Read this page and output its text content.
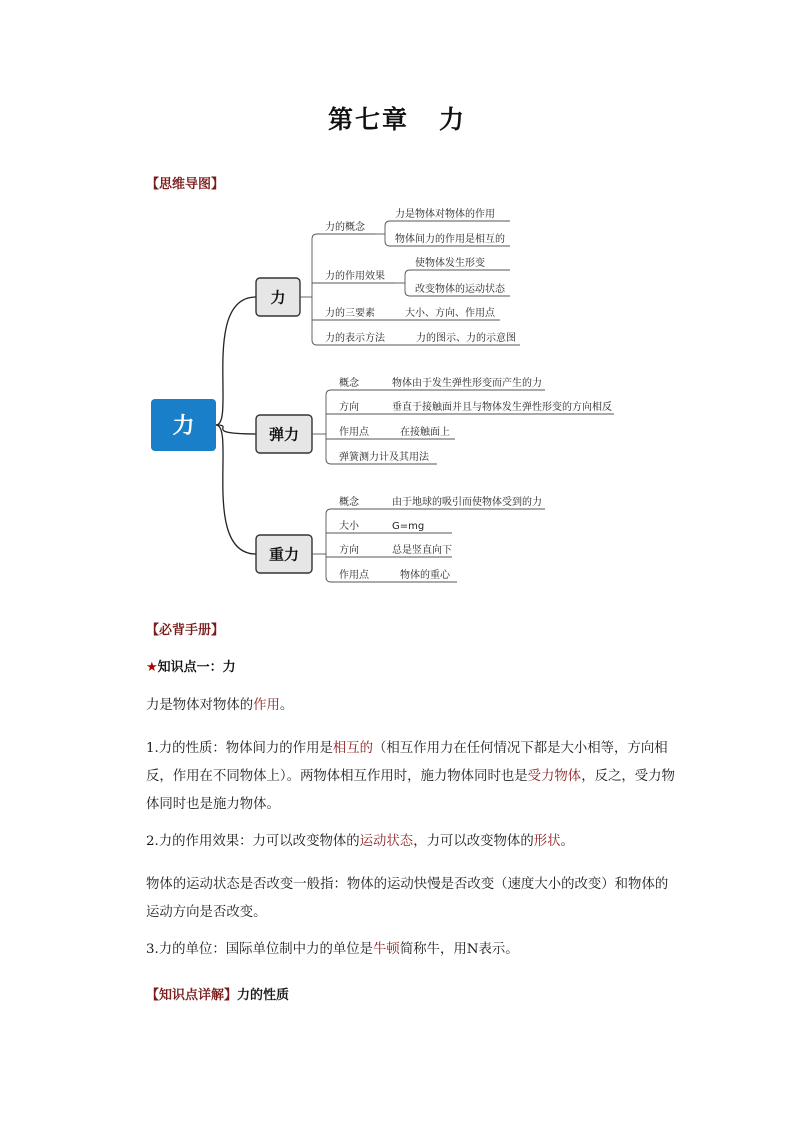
第七章 力
【思维导图】
力
力
力的概念
力是物体对物体的作用
物体间力的作用是相互的
力的作用效果
使物体发生形变
改变物体的运动状态
力的三要素	大小、方向、作用点
力的表示方法	力的图示、力的示意图
弹力
概念	物体由于发生弹性形变而产生的力
方向	垂直于接触面并且与物体发生弹性形变的方向相反
作用点	在接触面上
弹簧测力计及其用法
重力
概念	由于地球的吸引而使物体受到的力
大小	G=mg
方向	总是竖直向下
作用点	物体的重心
【必背手册】
★知识点一：力

力是物体对物体的作用。

1.力的性质：物体间力的作用是相互的（相互作用力在任何情况下都是大小相等，方向相反，作用在不同物体上）。两物体相互作用时，施力物体同时也是受力物体，反之，受力物体同时也是施力物体。

2.力的作用效果：力可以改变物体的运动状态，力可以改变物体的形状。

物体的运动状态是否改变一般指：物体的运动快慢是否改变（速度大小的改变）和物体的运动方向是否改变。

3.力的单位：国际单位制中力的单位是牛顿简称牛，用N表示。

【知识点详解】力的性质
